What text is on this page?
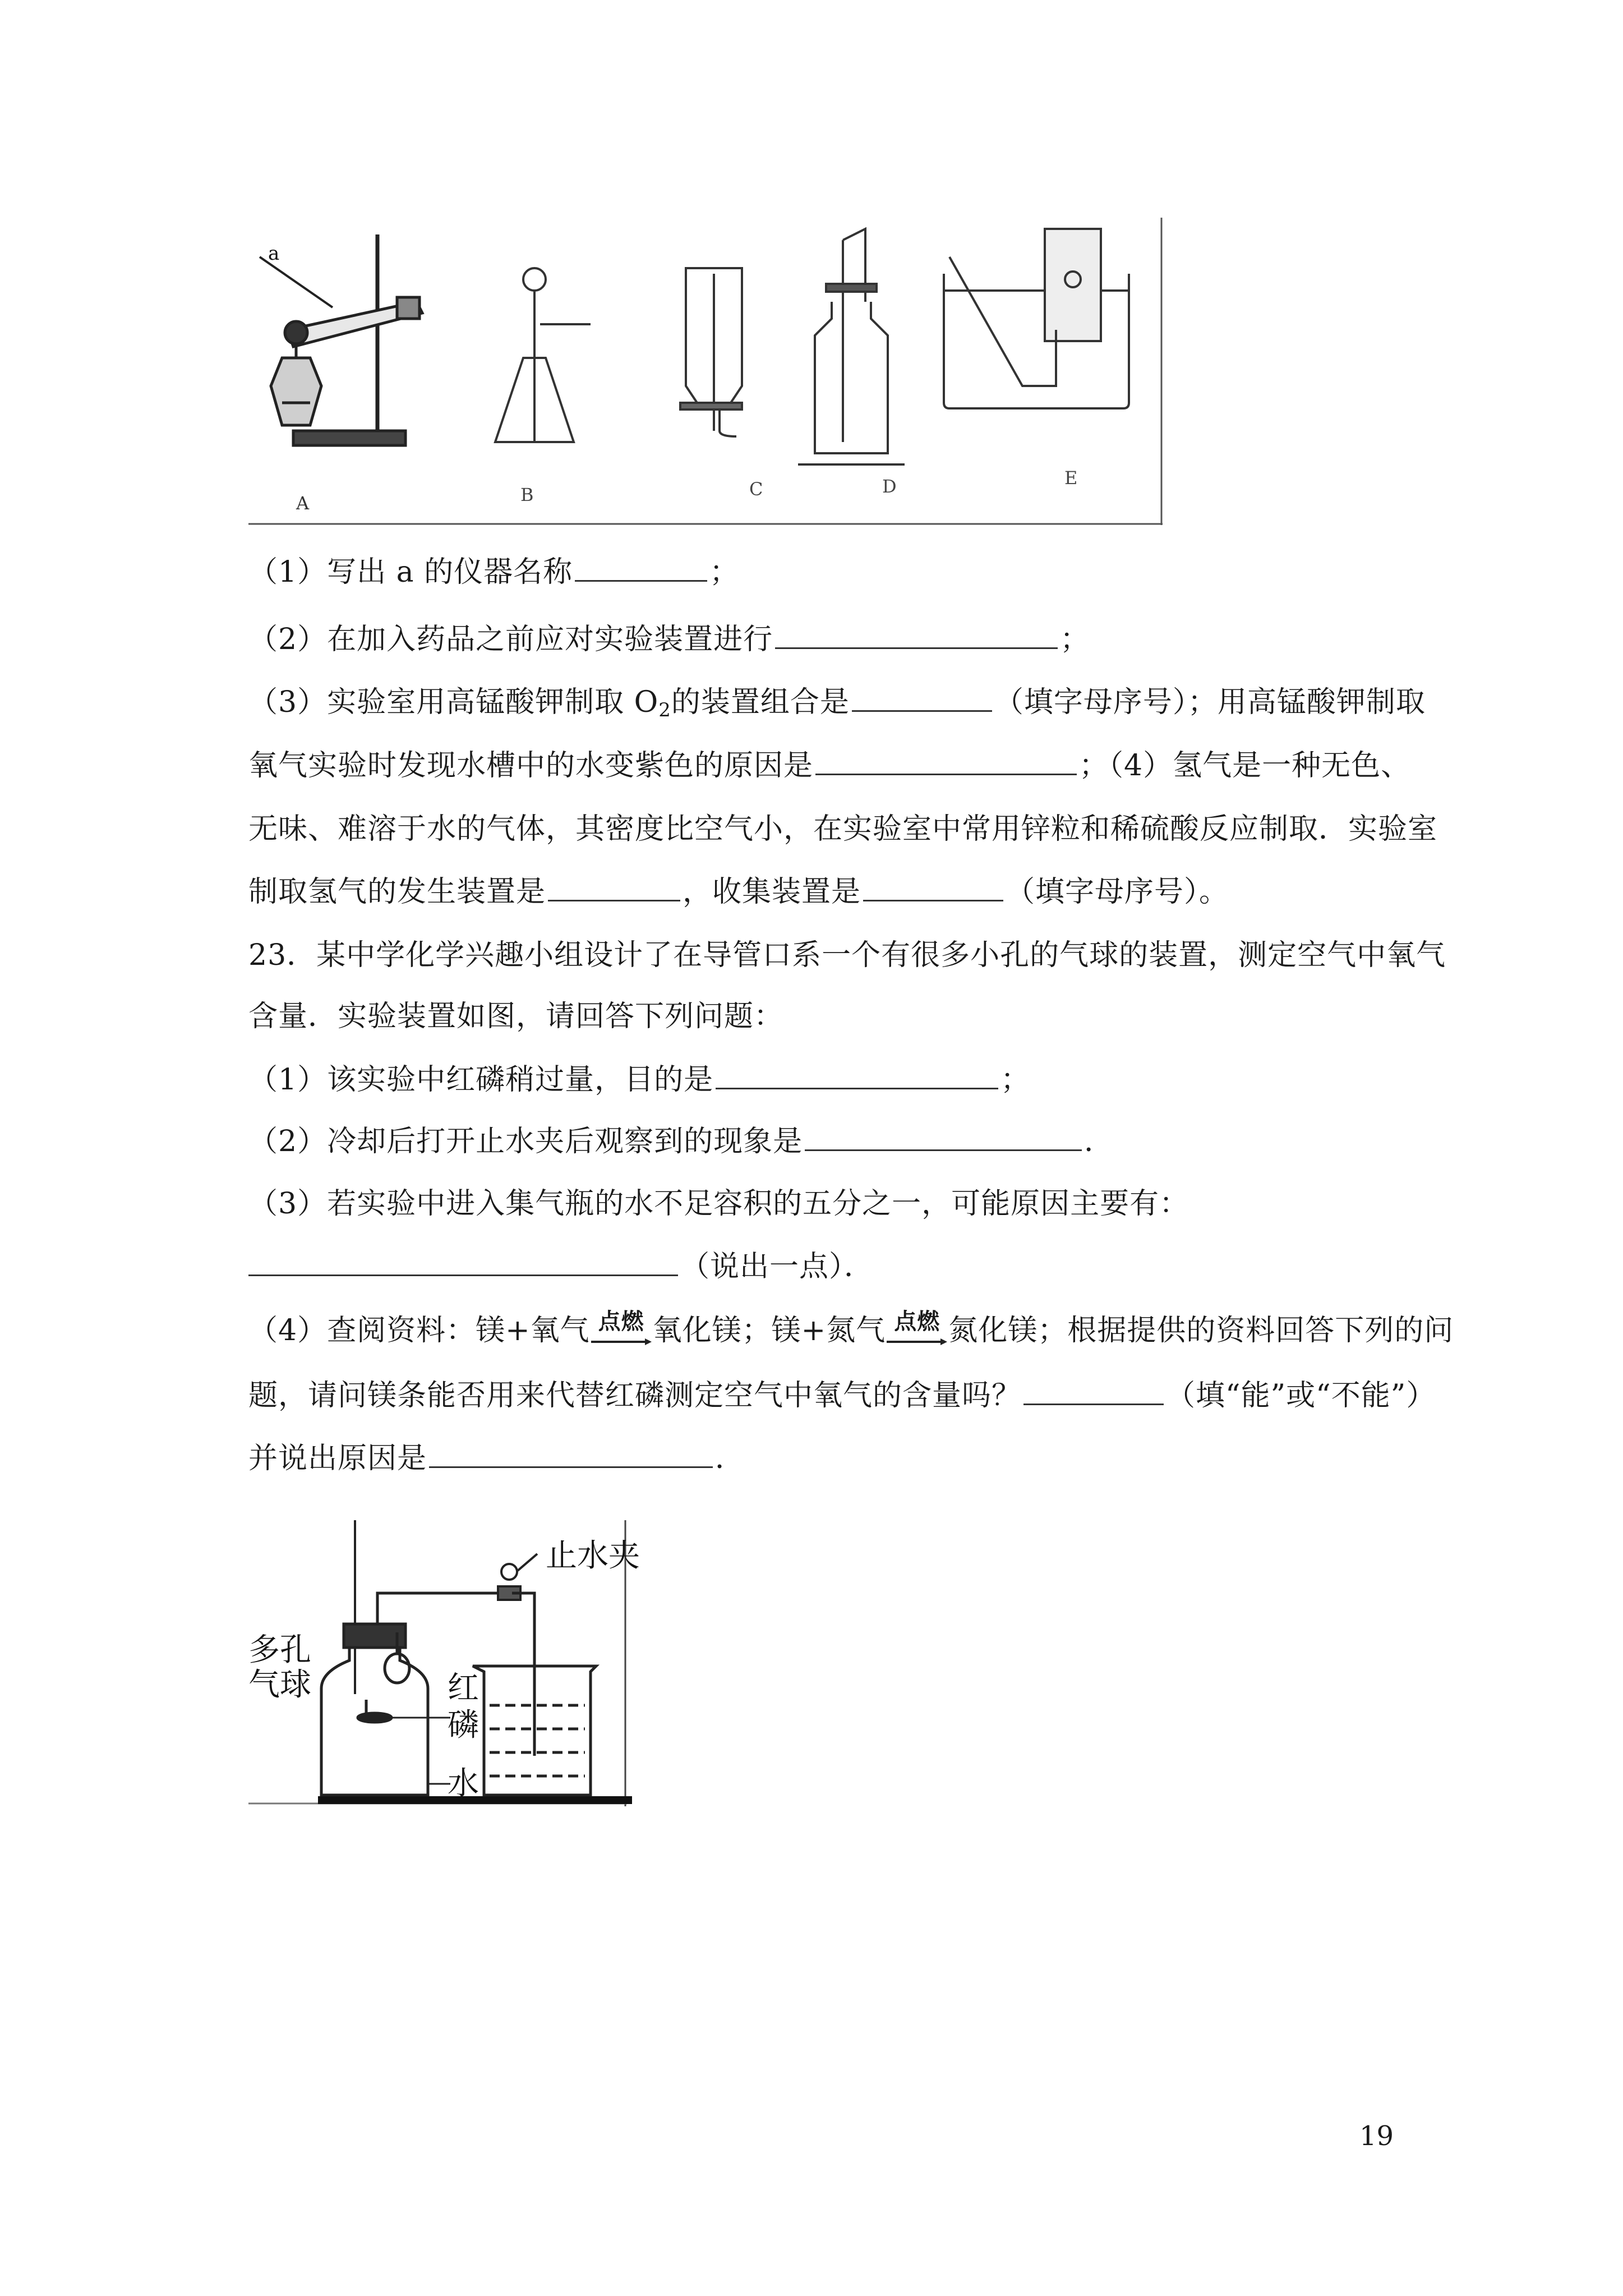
a
A	B	C	D	E
（1）写出 a 的仪器名称	；
（2）在加入药品之前应对实验装置进行	；
（3）实验室用高锰酸钾制取 $O_2$的装置组合是	（填字母序号）；用高锰酸钾制取
氧气实验时发现水槽中的水变紫色的原因是	；（4）氢气是一种无色、
无味、难溶于水的气体，其密度比空气小，在实验室中常用锌粒和稀硫酸反应制取．实验室
制取氢气的发生装置是	，收集装置是	（填字母序号）。
23．某中学化学兴趣小组设计了在导管口系一个有很多小孔的气球的装置，测定空气中氧气
含量．实验装置如图，请回答下列问题：
（1）该实验中红磷稍过量，目的是	；
（2）冷却后打开止水夹后观察到的现象是	．
（3）若实验中进入集气瓶的水不足容积的五分之一，可能原因主要有：
（说出一点）．
（4）查阅资料：镁+氧气 点燃 氧化镁；镁+氮气 点燃 氮化镁；根据提供的资料回答下列的问
题，请问镁条能否用来代替红磷测定空气中氧气的含量吗？	（填“能”或“不能”）
并说出原因是	．
止水夹
多孔
气球	红
磷
水
19
